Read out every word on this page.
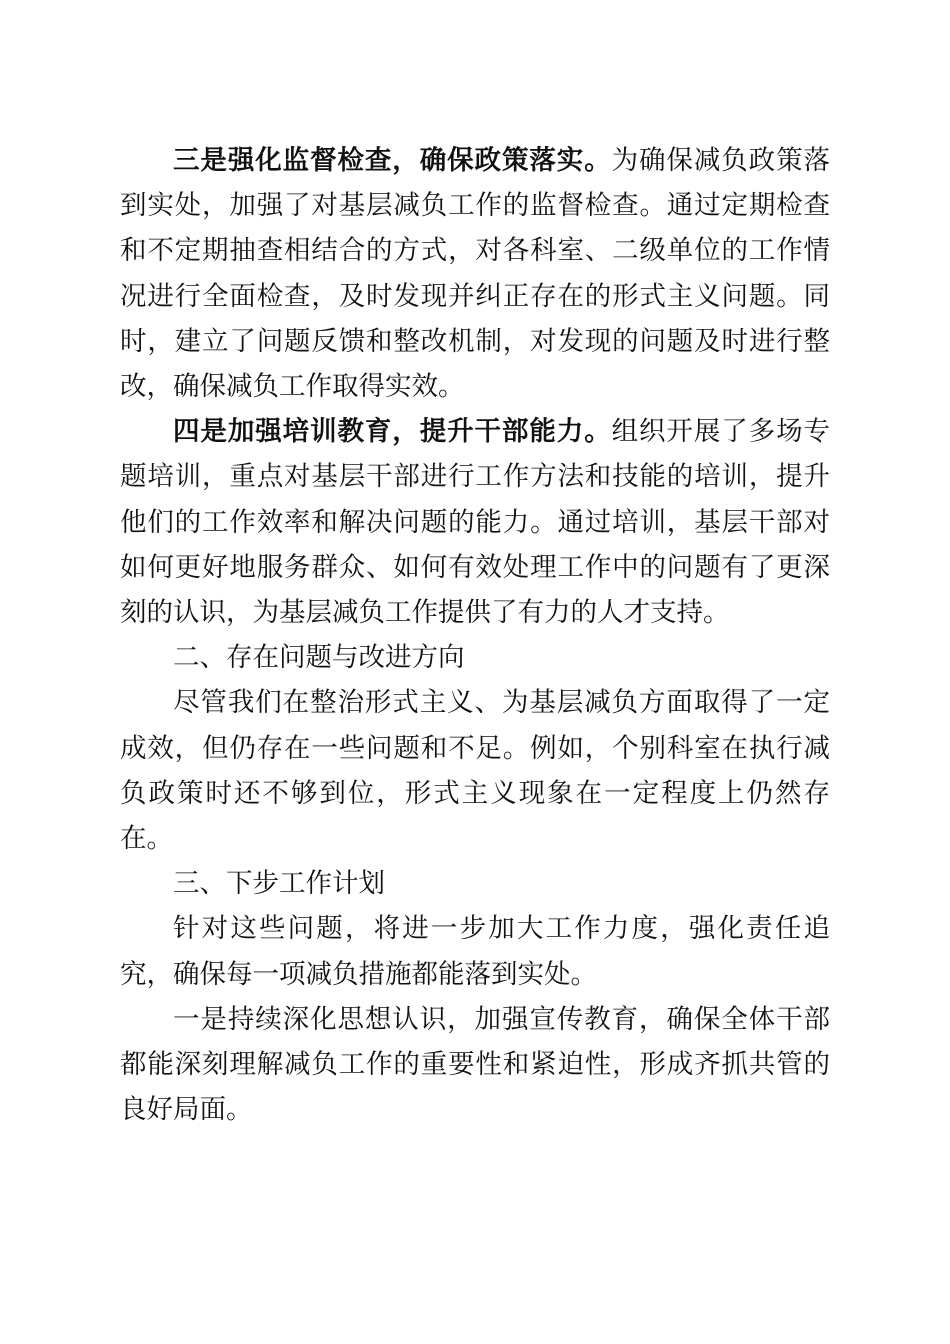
三是强化监督检查，确保政策落实。为确保减负政策落到实处，加强了对基层减负工作的监督检查。通过定期检查和不定期抽查相结合的方式，对各科室、二级单位的工作情况进行全面检查，及时发现并纠正存在的形式主义问题。同时，建立了问题反馈和整改机制，对发现的问题及时进行整改，确保减负工作取得实效。

四是加强培训教育，提升干部能力。组织开展了多场专题培训，重点对基层干部进行工作方法和技能的培训，提升他们的工作效率和解决问题的能力。通过培训，基层干部对如何更好地服务群众、如何有效处理工作中的问题有了更深刻的认识，为基层减负工作提供了有力的人才支持。

二、存在问题与改进方向

尽管我们在整治形式主义、为基层减负方面取得了一定成效，但仍存在一些问题和不足。例如，个别科室在执行减负政策时还不够到位，形式主义现象在一定程度上仍然存在。

三、下步工作计划

针对这些问题，将进一步加大工作力度，强化责任追究，确保每一项减负措施都能落到实处。

一是持续深化思想认识，加强宣传教育，确保全体干部都能深刻理解减负工作的重要性和紧迫性，形成齐抓共管的良好局面。
